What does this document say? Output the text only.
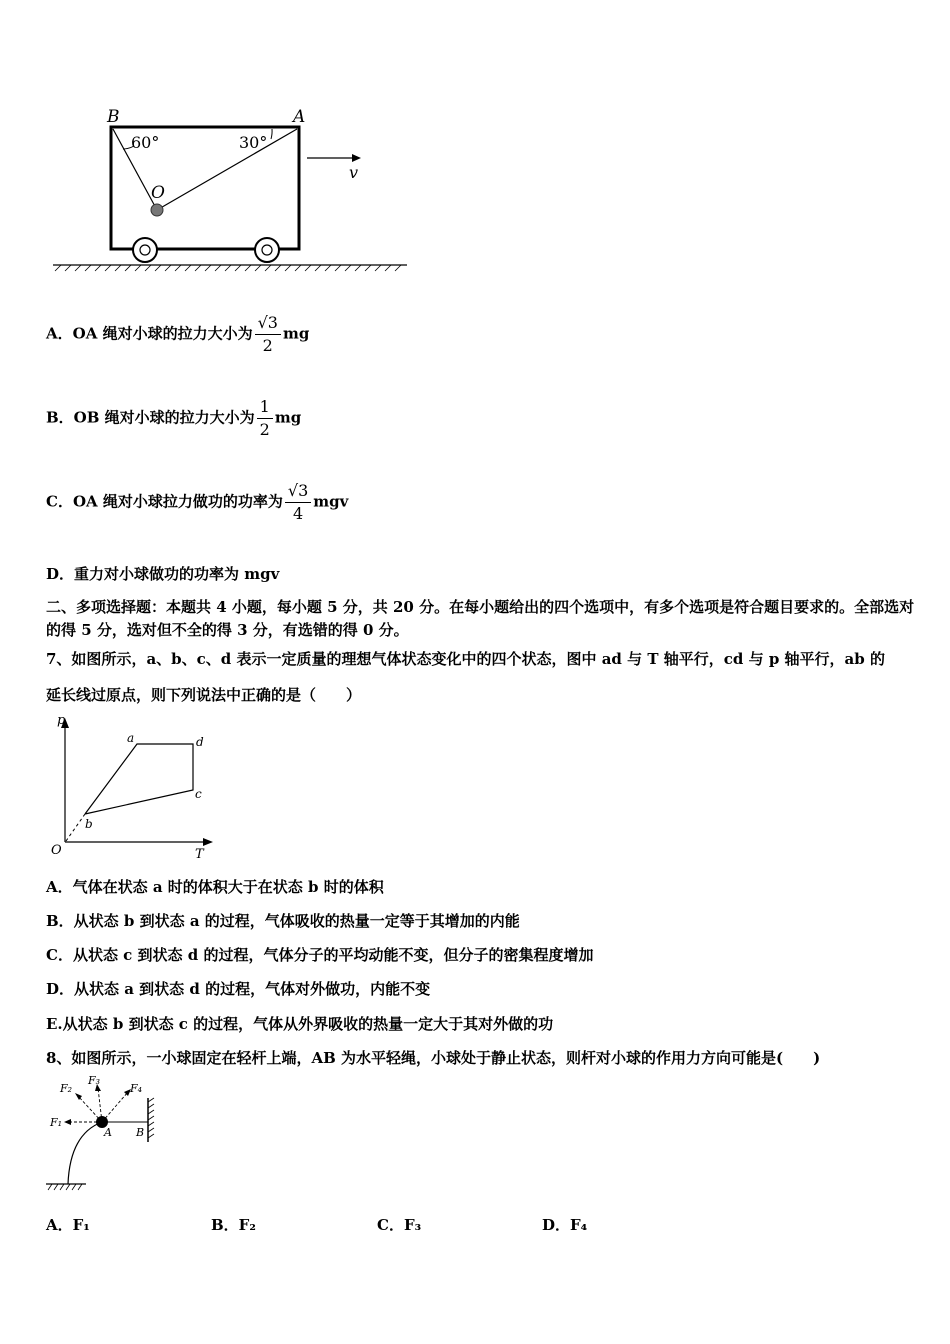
B	A
O
v
60°	30°
A．OA 绳对小球的拉力大小为 $\frac{√3}{2}$ mg
B．OB 绳对小球的拉力大小为 $\frac{1}{2}$ mg
C．OA 绳对小球拉力做功的功率为 $\frac{√3}{4}$ mgv
D．重力对小球做功的功率为 mgv
二、多项选择题：本题共 4 小题，每小题 5 分，共 20 分。在每小题给出的四个选项中，有多个选项是符合题目要求的。全部选对的得 5 分，选对但不全的得 3 分，有选错的得 0 分。
7、如图所示，a、b、c、d 表示一定质量的理想气体状态变化中的四个状态，图中 ad 与 T 轴平行，cd 与 p 轴平行，ab 的
延长线过原点，则下列说法中正确的是（　　）
p
T
O
a	d
c
b
A．气体在状态 a 时的体积大于在状态 b 时的体积
B．从状态 b 到状态 a 的过程，气体吸收的热量一定等于其增加的内能
C．从状态 c 到状态 d 的过程，气体分子的平均动能不变，但分子的密集程度增加
D．从状态 a 到状态 d 的过程，气体对外做功，内能不变
E.从状态 b 到状态 c 的过程，气体从外界吸收的热量一定大于其对外做的功
8、如图所示，一小球固定在轻杆上端，AB 为水平轻绳，小球处于静止状态，则杆对小球的作用力方向可能是(　　)
F₁
F₂
F₃
F₄
A B
A．F₁	B．F₂	C．F₃	D．F₄
